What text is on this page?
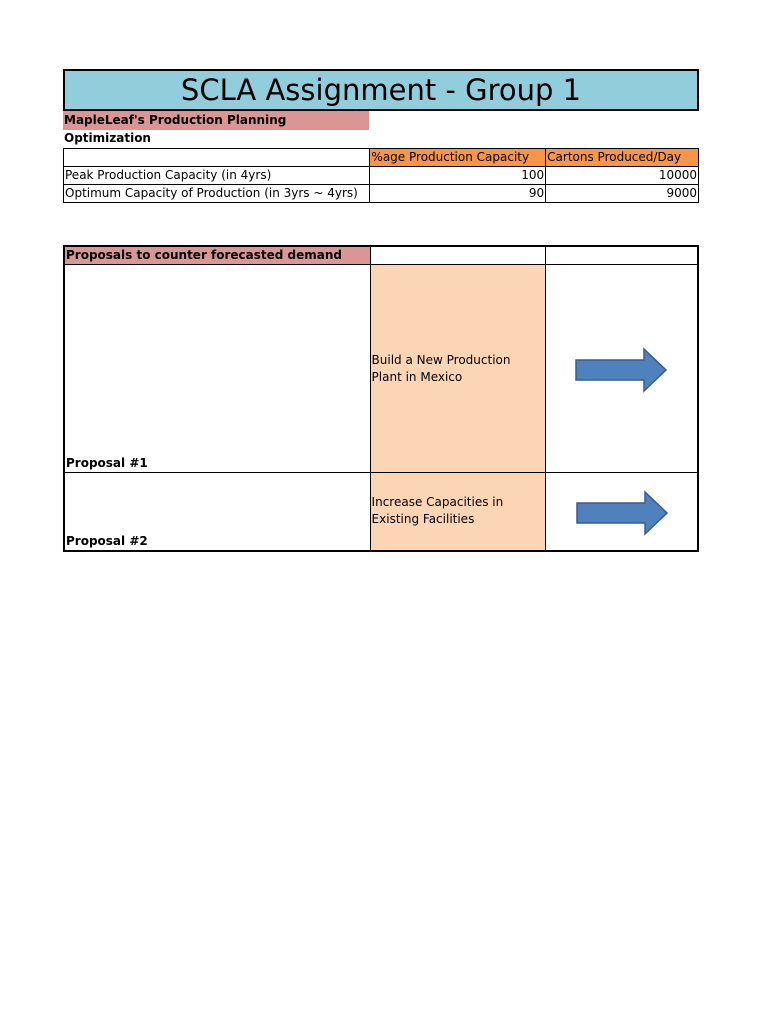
SCLA Assignment - Group 1
MapleLeaf's Production Planning Optimization
	%age Production Capacity	Cartons Produced/Day
Peak Production Capacity (in 4yrs)	100	10000
Optimum Capacity of Production (in 3yrs ~ 4yrs)	90	9000
Proposals to counter forecasted demand		
Proposal #1	Build a New Production Plant in Mexico	
Proposal #2	Increase Capacities in Existing Facilities	
